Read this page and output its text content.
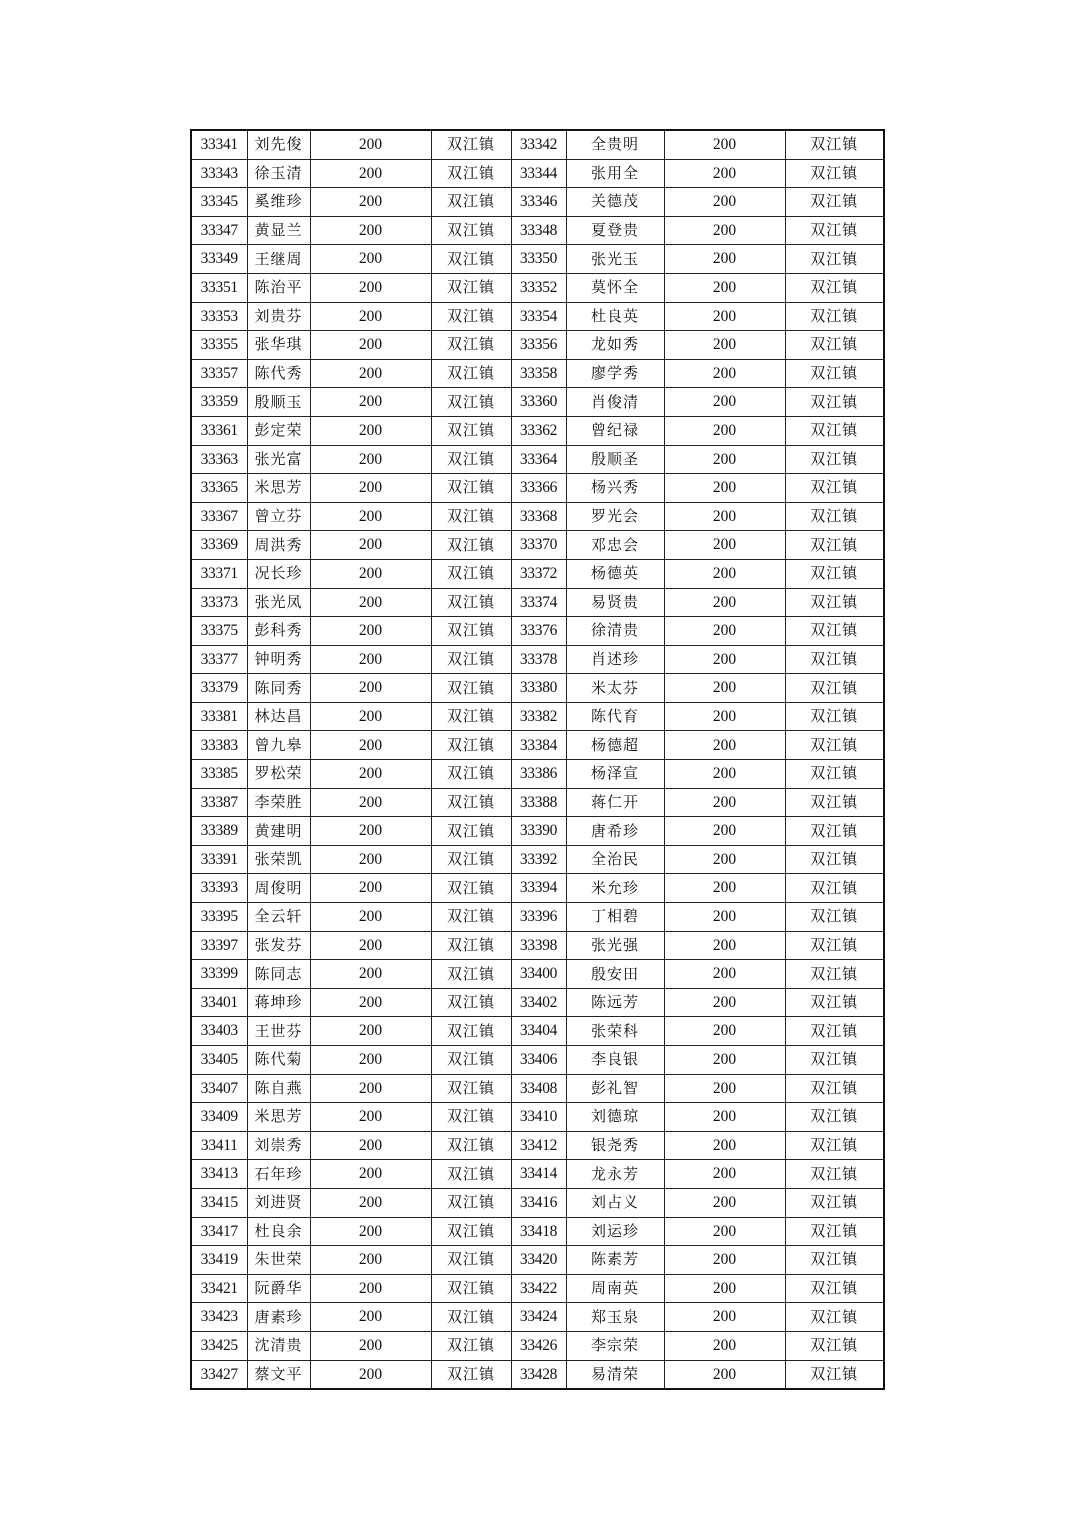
33341	刘先俊	200	双江镇	33342	全贵明	200	双江镇
33343	徐玉清	200	双江镇	33344	张用全	200	双江镇
33345	奚维珍	200	双江镇	33346	关德茂	200	双江镇
33347	黄显兰	200	双江镇	33348	夏登贵	200	双江镇
33349	王继周	200	双江镇	33350	张光玉	200	双江镇
33351	陈治平	200	双江镇	33352	莫怀全	200	双江镇
33353	刘贵芬	200	双江镇	33354	杜良英	200	双江镇
33355	张华琪	200	双江镇	33356	龙如秀	200	双江镇
33357	陈代秀	200	双江镇	33358	廖学秀	200	双江镇
33359	殷顺玉	200	双江镇	33360	肖俊清	200	双江镇
33361	彭定荣	200	双江镇	33362	曾纪禄	200	双江镇
33363	张光富	200	双江镇	33364	殷顺圣	200	双江镇
33365	米思芳	200	双江镇	33366	杨兴秀	200	双江镇
33367	曾立芬	200	双江镇	33368	罗光会	200	双江镇
33369	周洪秀	200	双江镇	33370	邓忠会	200	双江镇
33371	况长珍	200	双江镇	33372	杨德英	200	双江镇
33373	张光凤	200	双江镇	33374	易贤贵	200	双江镇
33375	彭科秀	200	双江镇	33376	徐清贵	200	双江镇
33377	钟明秀	200	双江镇	33378	肖述珍	200	双江镇
33379	陈同秀	200	双江镇	33380	米太芬	200	双江镇
33381	林达昌	200	双江镇	33382	陈代育	200	双江镇
33383	曾九皋	200	双江镇	33384	杨德超	200	双江镇
33385	罗松荣	200	双江镇	33386	杨泽宣	200	双江镇
33387	李荣胜	200	双江镇	33388	蒋仁开	200	双江镇
33389	黄建明	200	双江镇	33390	唐希珍	200	双江镇
33391	张荣凯	200	双江镇	33392	全治民	200	双江镇
33393	周俊明	200	双江镇	33394	米允珍	200	双江镇
33395	全云轩	200	双江镇	33396	丁相碧	200	双江镇
33397	张发芬	200	双江镇	33398	张光强	200	双江镇
33399	陈同志	200	双江镇	33400	殷安田	200	双江镇
33401	蒋坤珍	200	双江镇	33402	陈远芳	200	双江镇
33403	王世芬	200	双江镇	33404	张荣科	200	双江镇
33405	陈代菊	200	双江镇	33406	李良银	200	双江镇
33407	陈自燕	200	双江镇	33408	彭礼智	200	双江镇
33409	米思芳	200	双江镇	33410	刘德琼	200	双江镇
33411	刘崇秀	200	双江镇	33412	银尧秀	200	双江镇
33413	石年珍	200	双江镇	33414	龙永芳	200	双江镇
33415	刘进贤	200	双江镇	33416	刘占义	200	双江镇
33417	杜良余	200	双江镇	33418	刘运珍	200	双江镇
33419	朱世荣	200	双江镇	33420	陈素芳	200	双江镇
33421	阮爵华	200	双江镇	33422	周南英	200	双江镇
33423	唐素珍	200	双江镇	33424	郑玉泉	200	双江镇
33425	沈清贵	200	双江镇	33426	李宗荣	200	双江镇
33427	蔡文平	200	双江镇	33428	易清荣	200	双江镇
